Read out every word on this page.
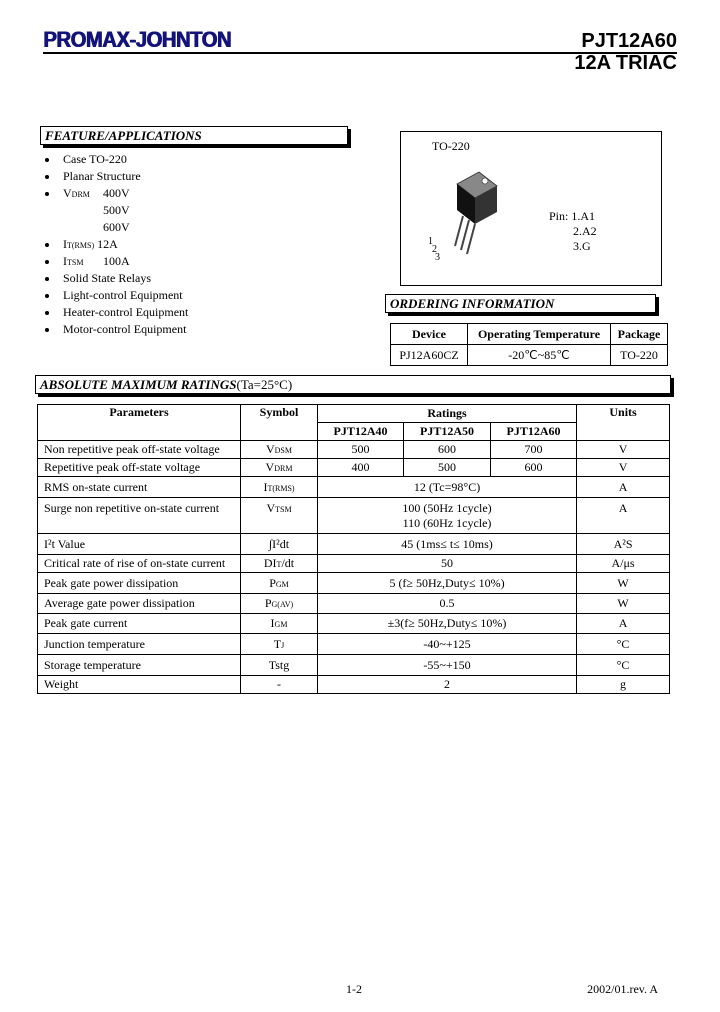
PROMAX-JOHNTON	PJT12A60
12A TRIAC
FEATURE/APPLICATIONS
Case TO-220
Planar Structure
VDRM 400V
500V
600V
IT(RMS) 12A
ITSM 100A
Solid State Relays
Light-control Equipment
Heater-control Equipment
Motor-control Equipment
TO-220
1
2
3
Pin: 1.A1
2.A2
3.G
ORDERING INFORMATION
Device	Operating Temperature	Package
PJ12A60CZ	-20℃~85℃	TO-220
ABSOLUTE MAXIMUM RATINGS(Ta=25°C)
Parameters	Symbol	Ratings			Units
		PJT12A40	PJT12A50	PJT12A60	
Non repetitive peak off-state voltage	VDSM	500	600	700	V
Repetitive peak off-state voltage	VDRM	400	500	600	V
RMS on-state current	IT(RMS)	12 (Tc=98°C)			A
Surge non repetitive on-state current	VTSM	100 (50Hz 1cycle)
110 (60Hz 1cycle)			A
I²t Value	∫I²dt	45 (1ms≤ t≤ 10ms)			A²S
Critical rate of rise of on-state current	DIT/dt	50			A/μs
Peak gate power dissipation	PGM	5 (f≥ 50Hz,Duty≤ 10%)			W
Average gate power dissipation	PG(AV)	0.5			W
Peak gate current	IGM	±3(f≥ 50Hz,Duty≤ 10%)			A
Junction temperature	TJ	-40~+125			°C
Storage temperature	Tstg	-55~+150			°C
Weight	-	2			g
1-2	2002/01.rev. A
